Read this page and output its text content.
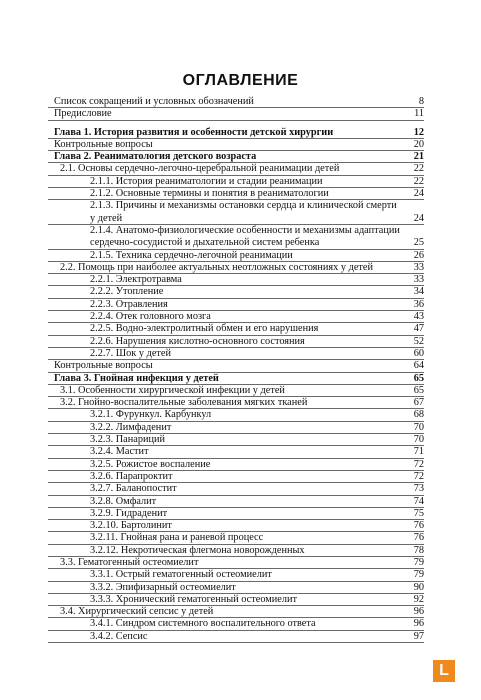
ОГЛАВЛЕНИЕ
Список сокращений и условных обозначений	8
Предисловие	11
Глава 1. История развития и особенности детской хирургии	12
Контрольные вопросы	20
Глава 2. Реаниматология детского возраста	21
2.1. Основы сердечно-легочно-церебральной реанимации детей	22
2.1.1. История реаниматологии и стадии реанимации	22
2.1.2. Основные термины и понятия в реаниматологии	24
2.1.3. Причины и механизмы остановки сердца и клинической смерти у детей	24
2.1.4. Анатомо-физиологические особенности и механизмы адаптации сердечно-сосудистой и дыхательной систем ребенка	25
2.1.5. Техника сердечно-легочной реанимации	26
2.2. Помощь при наиболее актуальных неотложных состояниях у детей	33
2.2.1. Электротравма	33
2.2.2. Утопление	34
2.2.3. Отравления	36
2.2.4. Отек головного мозга	43
2.2.5. Водно-электролитный обмен и его нарушения	47
2.2.6. Нарушения кислотно-основного состояния	52
2.2.7. Шок у детей	60
Контрольные вопросы	64
Глава 3. Гнойная инфекция у детей	65
3.1. Особенности хирургической инфекции у детей	65
3.2. Гнойно-воспалительные заболевания мягких тканей	67
3.2.1. Фурункул. Карбункул	68
3.2.2. Лимфаденит	70
3.2.3. Панариций	70
3.2.4. Мастит	71
3.2.5. Рожистое воспаление	72
3.2.6. Парапроктит	72
3.2.7. Баланопостит	73
3.2.8. Омфалит	74
3.2.9. Гидраденит	75
3.2.10. Бартолинит	76
3.2.11. Гнойная рана и раневой процесс	76
3.2.12. Некротическая флегмона новорожденных	78
3.3. Гематогенный остеомиелит	79
3.3.1. Острый гематогенный остеомиелит	79
3.3.2. Эпифизарный остеомиелит	90
3.3.3. Хронический гематогенный остеомиелит	92
3.4. Хирургический сепсис у детей	96
3.4.1. Синдром системного воспалительного ответа	96
3.4.2. Сепсис	97
L
